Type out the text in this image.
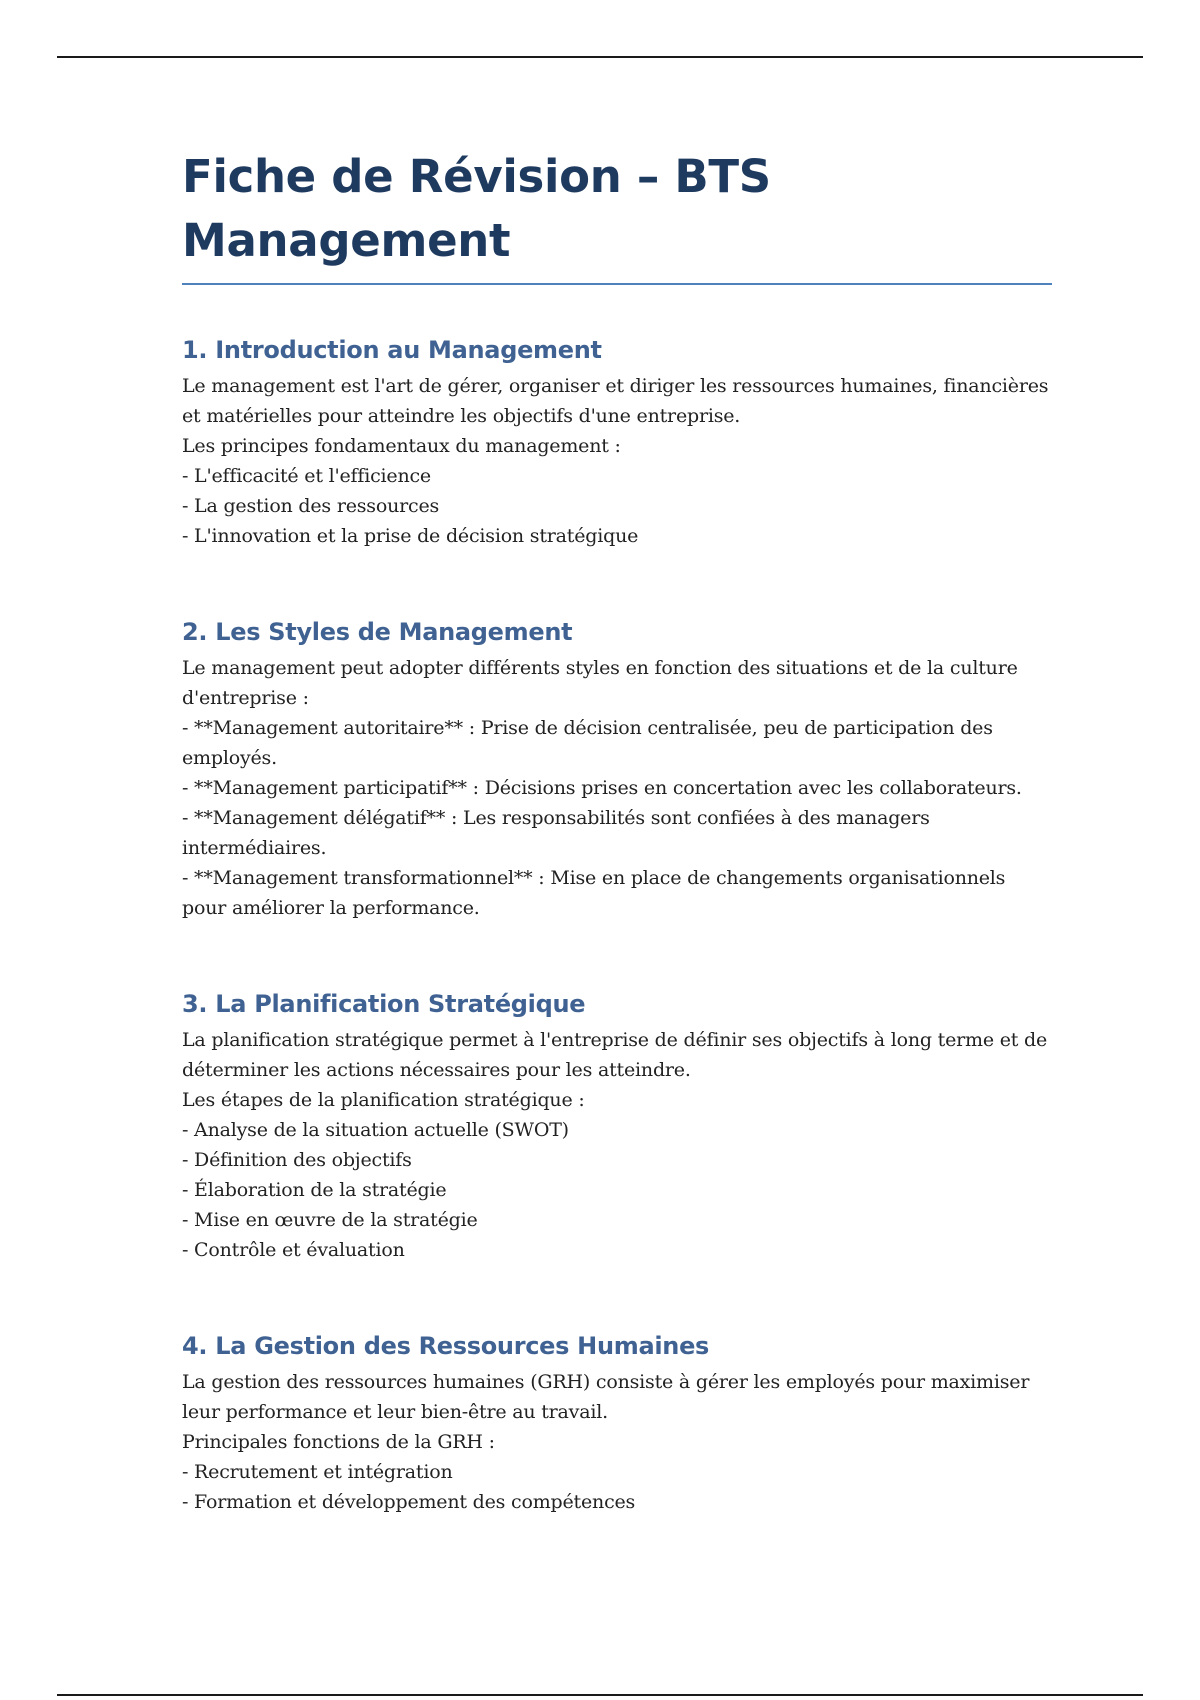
Fiche de Révision – BTS Management
1. Introduction au Management

Le management est l'art de gérer, organiser et diriger les ressources humaines, financières et matérielles pour atteindre les objectifs d'une entreprise.

Les principes fondamentaux du management :

- L'efficacité et l'efficience

- La gestion des ressources

- L'innovation et la prise de décision stratégique

2. Les Styles de Management

Le management peut adopter différents styles en fonction des situations et de la culture d'entreprise :

- **Management autoritaire** : Prise de décision centralisée, peu de participation des employés.

- **Management participatif** : Décisions prises en concertation avec les collaborateurs.

- **Management délégatif** : Les responsabilités sont confiées à des managers intermédiaires.

- **Management transformationnel** : Mise en place de changements organisationnels pour améliorer la performance.

3. La Planification Stratégique

La planification stratégique permet à l'entreprise de définir ses objectifs à long terme et de déterminer les actions nécessaires pour les atteindre.

Les étapes de la planification stratégique :

- Analyse de la situation actuelle (SWOT)

- Définition des objectifs

- Élaboration de la stratégie

- Mise en œuvre de la stratégie

- Contrôle et évaluation

4. La Gestion des Ressources Humaines

La gestion des ressources humaines (GRH) consiste à gérer les employés pour maximiser leur performance et leur bien-être au travail.

Principales fonctions de la GRH :

- Recrutement et intégration

- Formation et développement des compétences
